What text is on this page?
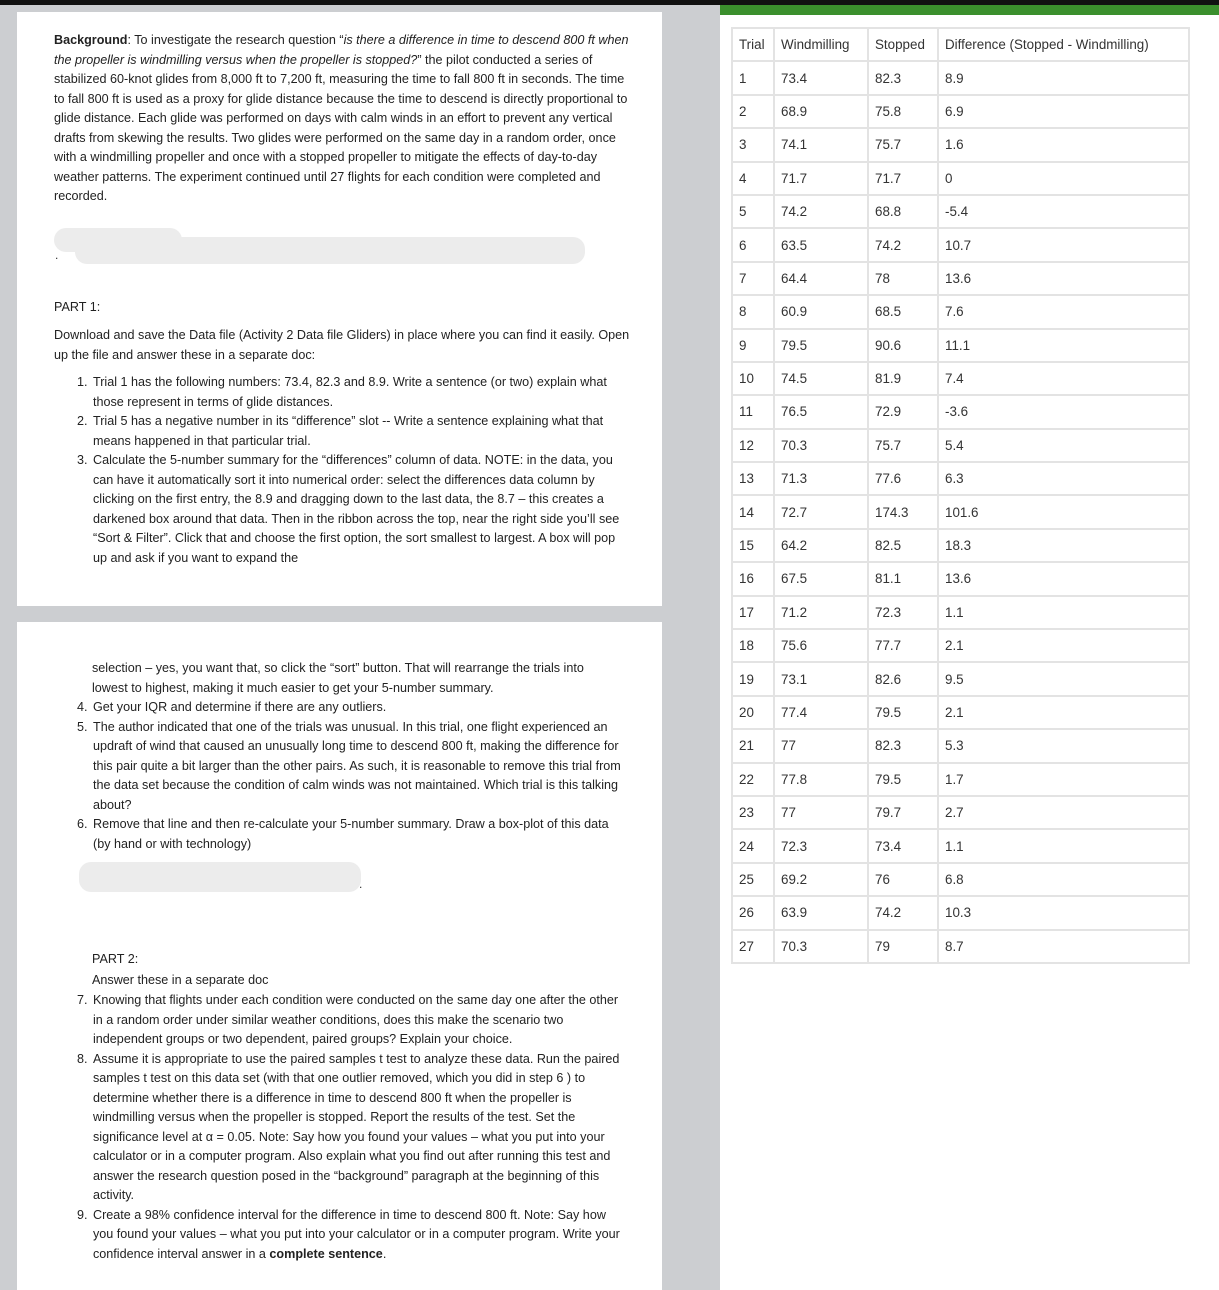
Background: To investigate the research question “is there a difference in time to descend 800 ft when the propeller is windmilling versus when the propeller is stopped?” the pilot conducted a series of stabilized 60-knot glides from 8,000 ft to 7,200 ft, measuring the time to fall 800 ft in seconds. The time to fall 800 ft is used as a proxy for glide distance because the time to descend is directly proportional to glide distance. Each glide was performed on days with calm winds in an effort to prevent any vertical drafts from skewing the results. Two glides were performed on the same day in a random order, once with a windmilling propeller and once with a stopped propeller to mitigate the effects of day-to-day weather patterns. The experiment continued until 27 flights for each condition were completed and recorded.
.
PART 1:
Download and save the Data file (Activity 2 Data file Gliders) in place where you can find it easily. Open up the file and answer these in a separate doc:
1. Trial 1 has the following numbers: 73.4, 82.3 and 8.9. Write a sentence (or two) explain what those represent in terms of glide distances.
2. Trial 5 has a negative number in its “difference” slot -- Write a sentence explaining what that means happened in that particular trial.
3. Calculate the 5-number summary for the “differences” column of data. NOTE: in the data, you can have it automatically sort it into numerical order: select the differences data column by clicking on the first entry, the 8.9 and dragging down to the last data, the 8.7 – this creates a darkened box around that data. Then in the ribbon across the top, near the right side you’ll see “Sort & Filter”. Click that and choose the first option, the sort smallest to largest. A box will pop up and ask if you want to expand the
selection – yes, you want that, so click the “sort” button. That will rearrange the trials into lowest to highest, making it much easier to get your 5-number summary.
4. Get your IQR and determine if there are any outliers.
5. The author indicated that one of the trials was unusual. In this trial, one flight experienced an updraft of wind that caused an unusually long time to descend 800 ft, making the difference for this pair quite a bit larger than the other pairs. As such, it is reasonable to remove this trial from the data set because the condition of calm winds was not maintained. Which trial is this talking about?
6. Remove that line and then re-calculate your 5-number summary. Draw a box-plot of this data (by hand or with technology)
.
PART 2:
Answer these in a separate doc
7. Knowing that flights under each condition were conducted on the same day one after the other in a random order under similar weather conditions, does this make the scenario two independent groups or two dependent, paired groups? Explain your choice.
8. Assume it is appropriate to use the paired samples t test to analyze these data. Run the paired samples t test on this data set (with that one outlier removed, which you did in step 6 ) to determine whether there is a difference in time to descend 800 ft when the propeller is windmilling versus when the propeller is stopped. Report the results of the test. Set the significance level at α = 0.05. Note: Say how you found your values – what you put into your calculator or in a computer program. Also explain what you find out after running this test and answer the research question posed in the “background” paragraph at the beginning of this activity.
9. Create a 98% confidence interval for the difference in time to descend 800 ft. Note: Say how you found your values – what you put into your calculator or in a computer program. Write your confidence interval answer in a complete sentence.
Trial	Windmilling	Stopped	Difference (Stopped - Windmilling)
1	73.4	82.3	8.9
2	68.9	75.8	6.9
3	74.1	75.7	1.6
4	71.7	71.7	0
5	74.2	68.8	-5.4
6	63.5	74.2	10.7
7	64.4	78	13.6
8	60.9	68.5	7.6
9	79.5	90.6	11.1
10	74.5	81.9	7.4
11	76.5	72.9	-3.6
12	70.3	75.7	5.4
13	71.3	77.6	6.3
14	72.7	174.3	101.6
15	64.2	82.5	18.3
16	67.5	81.1	13.6
17	71.2	72.3	1.1
18	75.6	77.7	2.1
19	73.1	82.6	9.5
20	77.4	79.5	2.1
21	77	82.3	5.3
22	77.8	79.5	1.7
23	77	79.7	2.7
24	72.3	73.4	1.1
25	69.2	76	6.8
26	63.9	74.2	10.3
27	70.3	79	8.7
